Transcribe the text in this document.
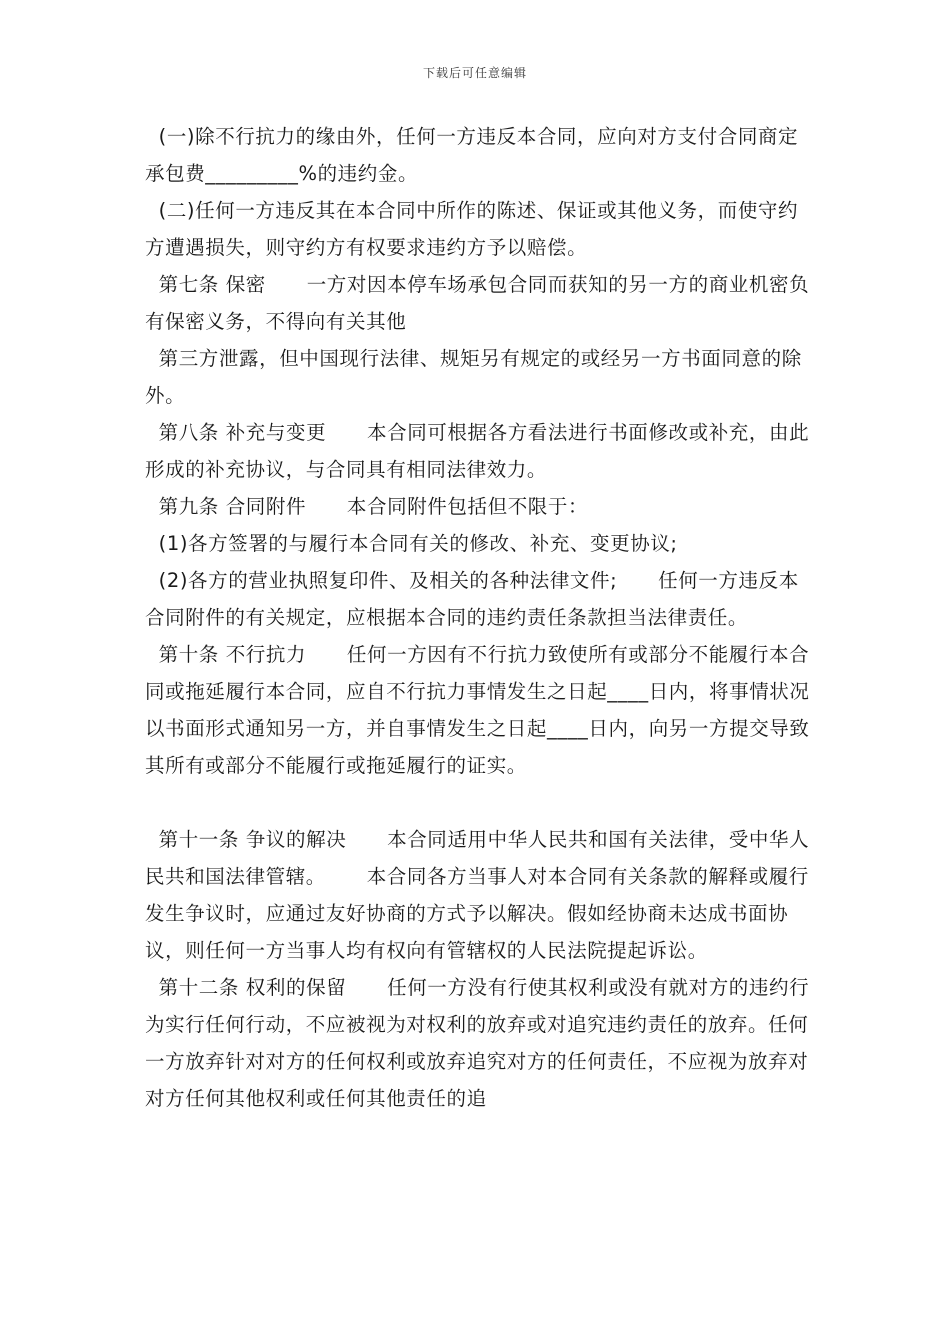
下载后可任意编辑

(一)除不行抗力的缘由外，任何一方违反本合同，应向对方支付合同商定承包费_________%的违约金。

(二)任何一方违反其在本合同中所作的陈述、保证或其他义务，而使守约方遭遇损失，则守约方有权要求违约方予以赔偿。

第七条 保密      一方对因本停车场承包合同而获知的另一方的商业机密负有保密义务，不得向有关其他

第三方泄露，但中国现行法律、规矩另有规定的或经另一方书面同意的除外。

第八条 补充与变更      本合同可根据各方看法进行书面修改或补充，由此形成的补充协议，与合同具有相同法律效力。

第九条 合同附件      本合同附件包括但不限于：

(1)各方签署的与履行本合同有关的修改、补充、变更协议;

(2)各方的营业执照复印件、及相关的各种法律文件;      任何一方违反本合同附件的有关规定，应根据本合同的违约责任条款担当法律责任。

第十条 不行抗力      任何一方因有不行抗力致使所有或部分不能履行本合同或拖延履行本合同，应自不行抗力事情发生之日起____日内，将事情状况以书面形式通知另一方，并自事情发生之日起____日内，向另一方提交导致其所有或部分不能履行或拖延履行的证实。

第十一条 争议的解决      本合同适用中华人民共和国有关法律，受中华人民共和国法律管辖。      本合同各方当事人对本合同有关条款的解释或履行发生争议时，应通过友好协商的方式予以解决。假如经协商未达成书面协议，则任何一方当事人均有权向有管辖权的人民法院提起诉讼。

第十二条 权利的保留      任何一方没有行使其权利或没有就对方的违约行为实行任何行动，不应被视为对权利的放弃或对追究违约责任的放弃。任何一方放弃针对对方的任何权利或放弃追究对方的任何责任，不应视为放弃对对方任何其他权利或任何其他责任的追
